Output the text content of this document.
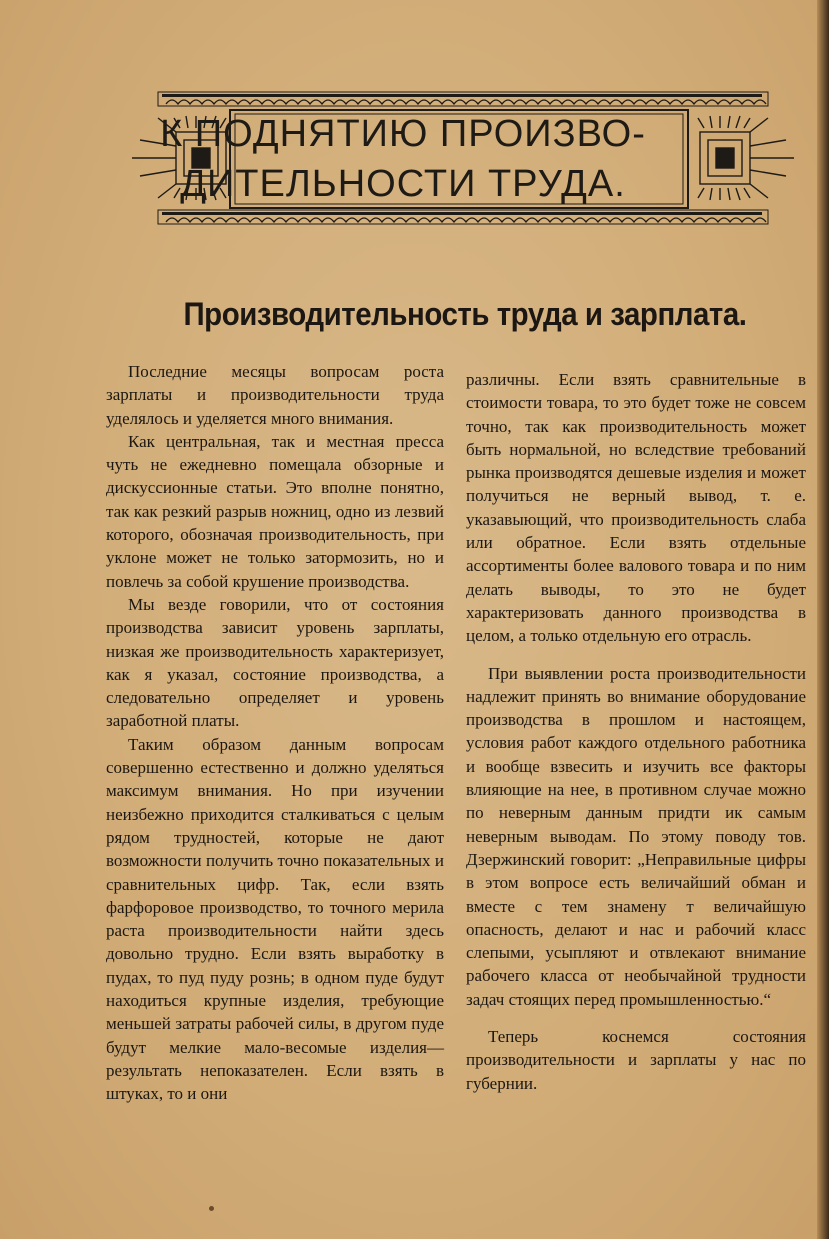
К ПОДНЯТИЮ ПРОИЗВО-
ДИТЕЛЬНОСТИ ТРУДА.
Производительность труда и зарплата.

Последние месяцы вопросам роста зарплаты и производительности труда уделялось и уделяется много внимания.

Как центральная, так и местная пресса чуть не ежедневно помещала обзорные и дискуссионные статьи. Это вполне понятно, так как резкий разрыв ножниц, одно из лезвий которого, обозначая производительность, при уклоне может не только затормозить, но и повлечь за собой крушение производства.

Мы везде говорили, что от состояния производства зависит уровень зарплаты, низкая же производительность характеризует, как я указал, состояние производства, а следовательно определяет и уровень заработной платы.

Таким образом данным вопросам совершенно естественно и должно уделяться максимум внимания. Но при изучении неизбежно приходится сталкиваться с целым рядом трудностей, которые не дают возможности получить точно показательных и сравнительных цифр. Так, если взять фарфоровое производство, то точного мерила раста производительности найти здесь довольно трудно. Если взять выработку в пудах, то пуд пуду рознь; в одном пуде будут находиться крупные изделия, требующие меньшей затраты рабочей силы, в другом пуде будут мелкие мало-весомые изделия—результать непоказателен. Если взять в штуках, то и они

различны. Если взять сравнительные в стоимости товара, то это будет тоже не совсем точно, так как производительность может быть нормальной, но вследствие требований рынка производятся дешевые изделия и может получиться не верный вывод, т. е. указавыющий, что производительность слаба или обратное. Если взять отдельные ассортименты более валового товара и по ним делать выводы, то это не будет характеризовать данного производства в целом, а только отдельную его отрасль.

При выявлении роста производительности надлежит принять во внимание оборудование производства в прошлом и настоящем, условия работ каждого отдельного работника и вообще взвесить и изучить все факторы влияющие на нее, в противном случае можно по неверным данным придти ик самым неверным выводам. По этому поводу тов. Дзержинский говорит: „Неправильные цифры в этом вопросе есть величайший обман и вместе с тем знамену т величайшую опасность, делают и нас и рабочий класс слепыми, усыпляют и отвлекают внимание рабочего класса от необычайной трудности задач стоящих перед промышленностью.“

Теперь коснемся состояния производительности и зарплаты у нас по губернии.
